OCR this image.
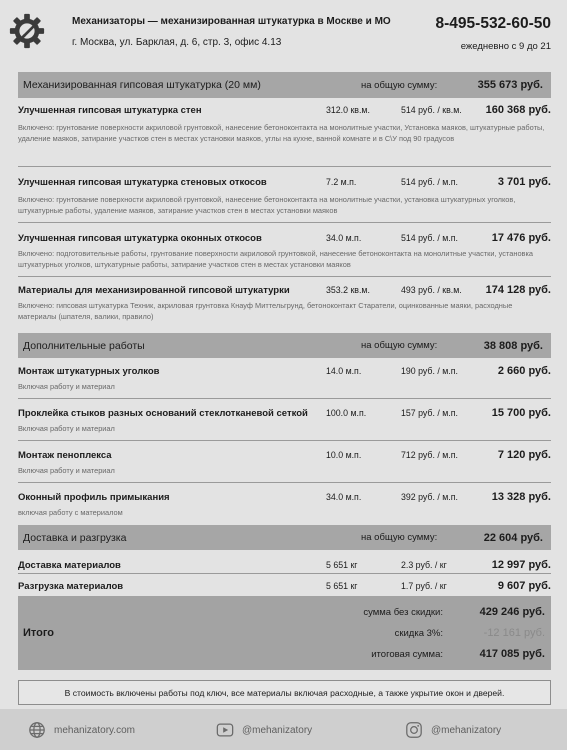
Механизаторы — механизированная штукатурка в Москве и МО
г. Москва, ул. Барклая, д. 6, стр. 3, офис 4.13
8-495-532-60-50
ежедневно с 9 до 21
Механизированная гипсовая штукатурка (20 мм)	на общую сумму:	355 673 руб.
Улучшенная гипсовая штукатурка стен	312.0 кв.м.	514 руб. / кв.м.	160 368 руб.
Включено: грунтование поверхности акриловой грунтовкой, нанесение бетоноконтакта на монолитные участки, Установка маяков, штукатурные работы, удаление маяков, затирание участков стен в местах установки маяков, углы на кухне, ванной комнате и в С\У под 90 градусов
Улучшенная гипсовая штукатурка стеновых откосов	7.2 м.п.	514 руб. / м.п.	3 701 руб.
Включено: грунтование поверхности акриловой грунтовкой, нанесение бетоноконтакта на монолитные участки, установка штукатурных уголков, штукатурные работы, удаление маяков, затирание участков стен в местах установки маяков
Улучшенная гипсовая штукатурка оконных откосов	34.0 м.п.	514 руб. / м.п.	17 476 руб.
Включено: подготовительные работы, грунтование поверхности акриловой грунтовкой, нанесение бетоноконтакта на монолитные участки, установка штукатурных уголков, штукатурные работы, затирание участков стен в местах установки маяков
Материалы для механизированной гипсовой штукатурки	353.2 кв.м.	493 руб. / кв.м.	174 128 руб.
Включено: гипсовая штукатурка Техник, акриловая грунтовка Кнауф Миттельгрунд, бетоноконтакт Старатели, оцинкованные маяки, расходные материалы (шпателя, валики, правило)
Дополнительные работы	на общую сумму:	38 808 руб.
Монтаж штукатурных уголков	14.0 м.п.	190 руб. / м.п.	2 660 руб.
Включая работу и материал
Проклейка стыков разных оснований стеклотканевой сеткой	100.0 м.п.	157 руб. / м.п.	15 700 руб.
Включая работу и материал
Монтаж пеноплекса	10.0 м.п.	712 руб. / м.п.	7 120 руб.
Включая работу и материал
Оконный профиль примыкания	34.0 м.п.	392 руб. / м.п.	13 328 руб.
включая работу с материалом
Доставка и разгрузка	на общую сумму:	22 604 руб.
Доставка материалов	5 651 кг	2.3 руб. / кг	12 997 руб.
Разгрузка материалов	5 651 кг	1.7 руб. / кг	9 607 руб.
Итого
сумма без скидки:	429 246 руб.
скидка 3%:	-12 161 руб.
итоговая сумма:	417 085 руб.
В стоимость включены работы под ключ, все материалы включая расходные, а также укрытие окон и дверей.
mehanizatory.com	@mehanizatory	@mehanizatory
